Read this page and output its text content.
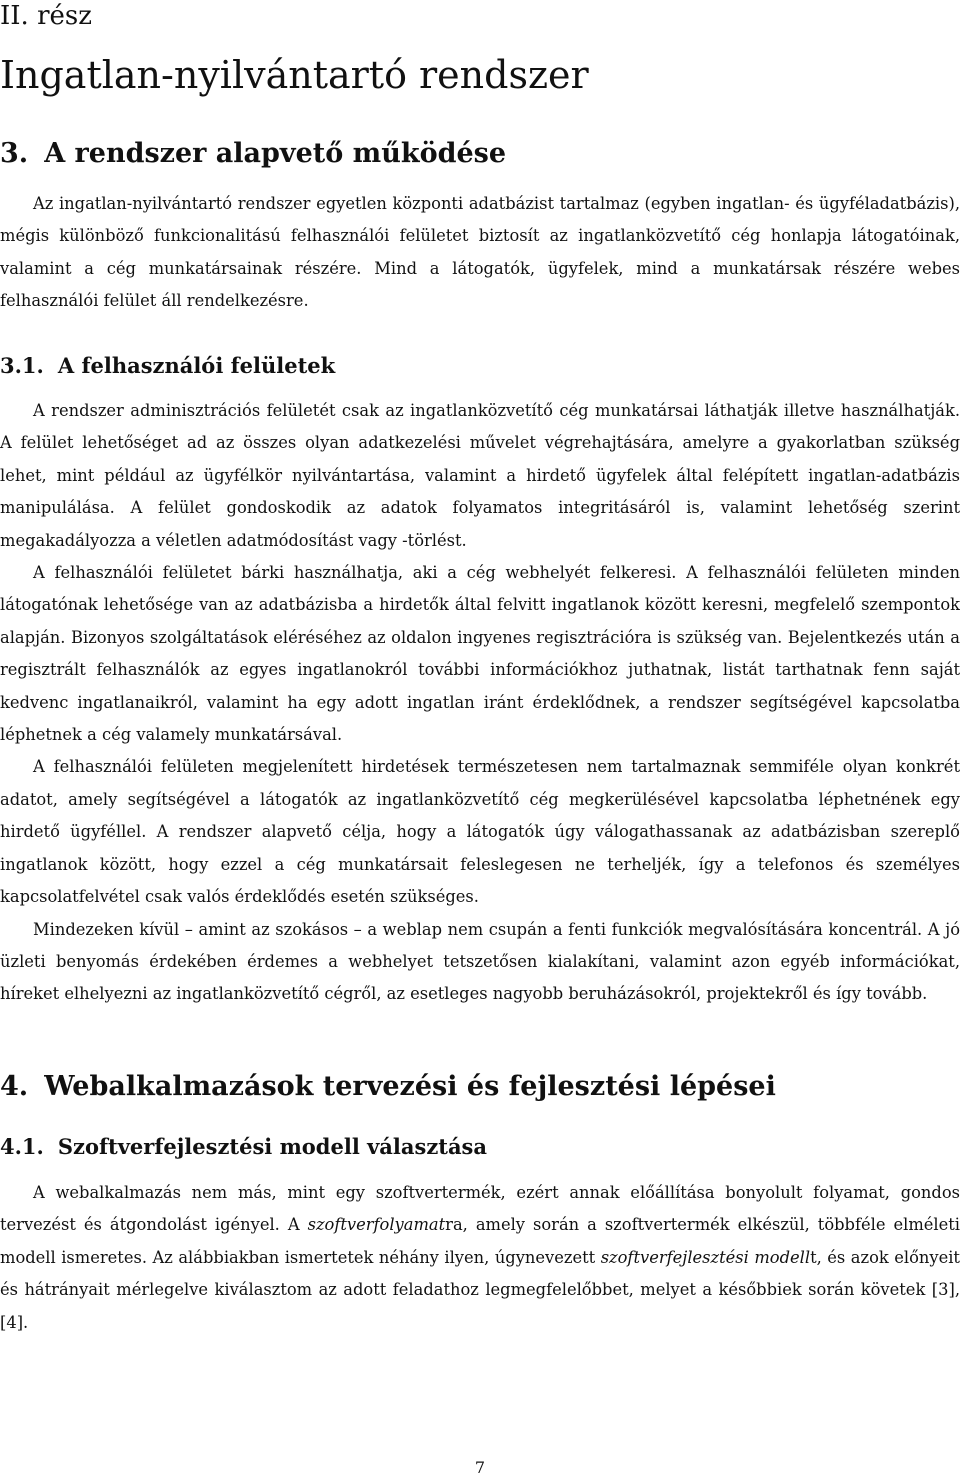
II. rész
Ingatlan-nyilvántartó rendszer
3. A rendszer alapvető működése

Az ingatlan-nyilvántartó rendszer egyetlen központi adatbázist tartalmaz (egyben ingatlan- és ügyféladatbázis), mégis különböző funkcionalitású felhasználói felületet biztosít az ingatlanközvetítő cég honlapja látogatóinak, valamint a cég munkatársainak részére. Mind a látogatók, ügyfelek, mind a munkatársak részére webes felhasználói felület áll rendelkezésre.

3.1. A felhasználói felületek

A rendszer adminisztrációs felületét csak az ingatlanközvetítő cég munkatársai láthatják illetve használhatják. A felület lehetőséget ad az összes olyan adatkezelési művelet végrehajtására, amelyre a gyakorlatban szükség lehet, mint például az ügyfélkör nyilvántartása, valamint a hirdető ügyfelek által felépített ingatlan-adatbázis manipulálása. A felület gondoskodik az adatok folyamatos integritásáról is, valamint lehetőség szerint megakadályozza a véletlen adatmódosítást vagy -törlést.

A felhasználói felületet bárki használhatja, aki a cég webhelyét felkeresi. A felhasználói felületen minden látogatónak lehetősége van az adatbázisba a hirdetők által felvitt ingatlanok között keresni, megfelelő szempontok alapján. Bizonyos szolgáltatások eléréséhez az oldalon ingyenes regisztrációra is szükség van. Bejelentkezés után a regisztrált felhasználók az egyes ingatlanokról további információkhoz juthatnak, listát tarthatnak fenn saját kedvenc ingatlanaikról, valamint ha egy adott ingatlan iránt érdeklődnek, a rendszer segítségével kapcsolatba léphetnek a cég valamely munkatársával.

A felhasználói felületen megjelenített hirdetések természetesen nem tartalmaznak semmiféle olyan konkrét adatot, amely segítségével a látogatók az ingatlanközvetítő cég megkerülésével kapcsolatba léphetnének egy hirdető ügyféllel. A rendszer alapvető célja, hogy a látogatók úgy válogathassanak az adatbázisban szereplő ingatlanok között, hogy ezzel a cég munkatársait feleslegesen ne terheljék, így a telefonos és személyes kapcsolatfelvétel csak valós érdeklődés esetén szükséges.

Mindezeken kívül – amint az szokásos – a weblap nem csupán a fenti funkciók megvalósítására koncentrál. A jó üzleti benyomás érdekében érdemes a webhelyet tetszetősen kialakítani, valamint azon egyéb információkat, híreket elhelyezni az ingatlanközvetítő cégről, az esetleges nagyobb beruházásokról, projektekről és így tovább.

4. Webalkalmazások tervezési és fejlesztési lépései
4.1. Szoftverfejlesztési modell választása

A webalkalmazás nem más, mint egy szoftvertermék, ezért annak előállítása bonyolult folyamat, gondos tervezést és átgondolást igényel. A szoftverfolyamatra, amely során a szoftvertermék elkészül, többféle elméleti modell ismeretes. Az alábbiakban ismertetek néhány ilyen, úgynevezett szoftverfejlesztési modellt, és azok előnyeit és hátrányait mérlegelve kiválasztom az adott feladathoz legmegfelelőbbet, melyet a későbbiek során követek [3], [4].

7
